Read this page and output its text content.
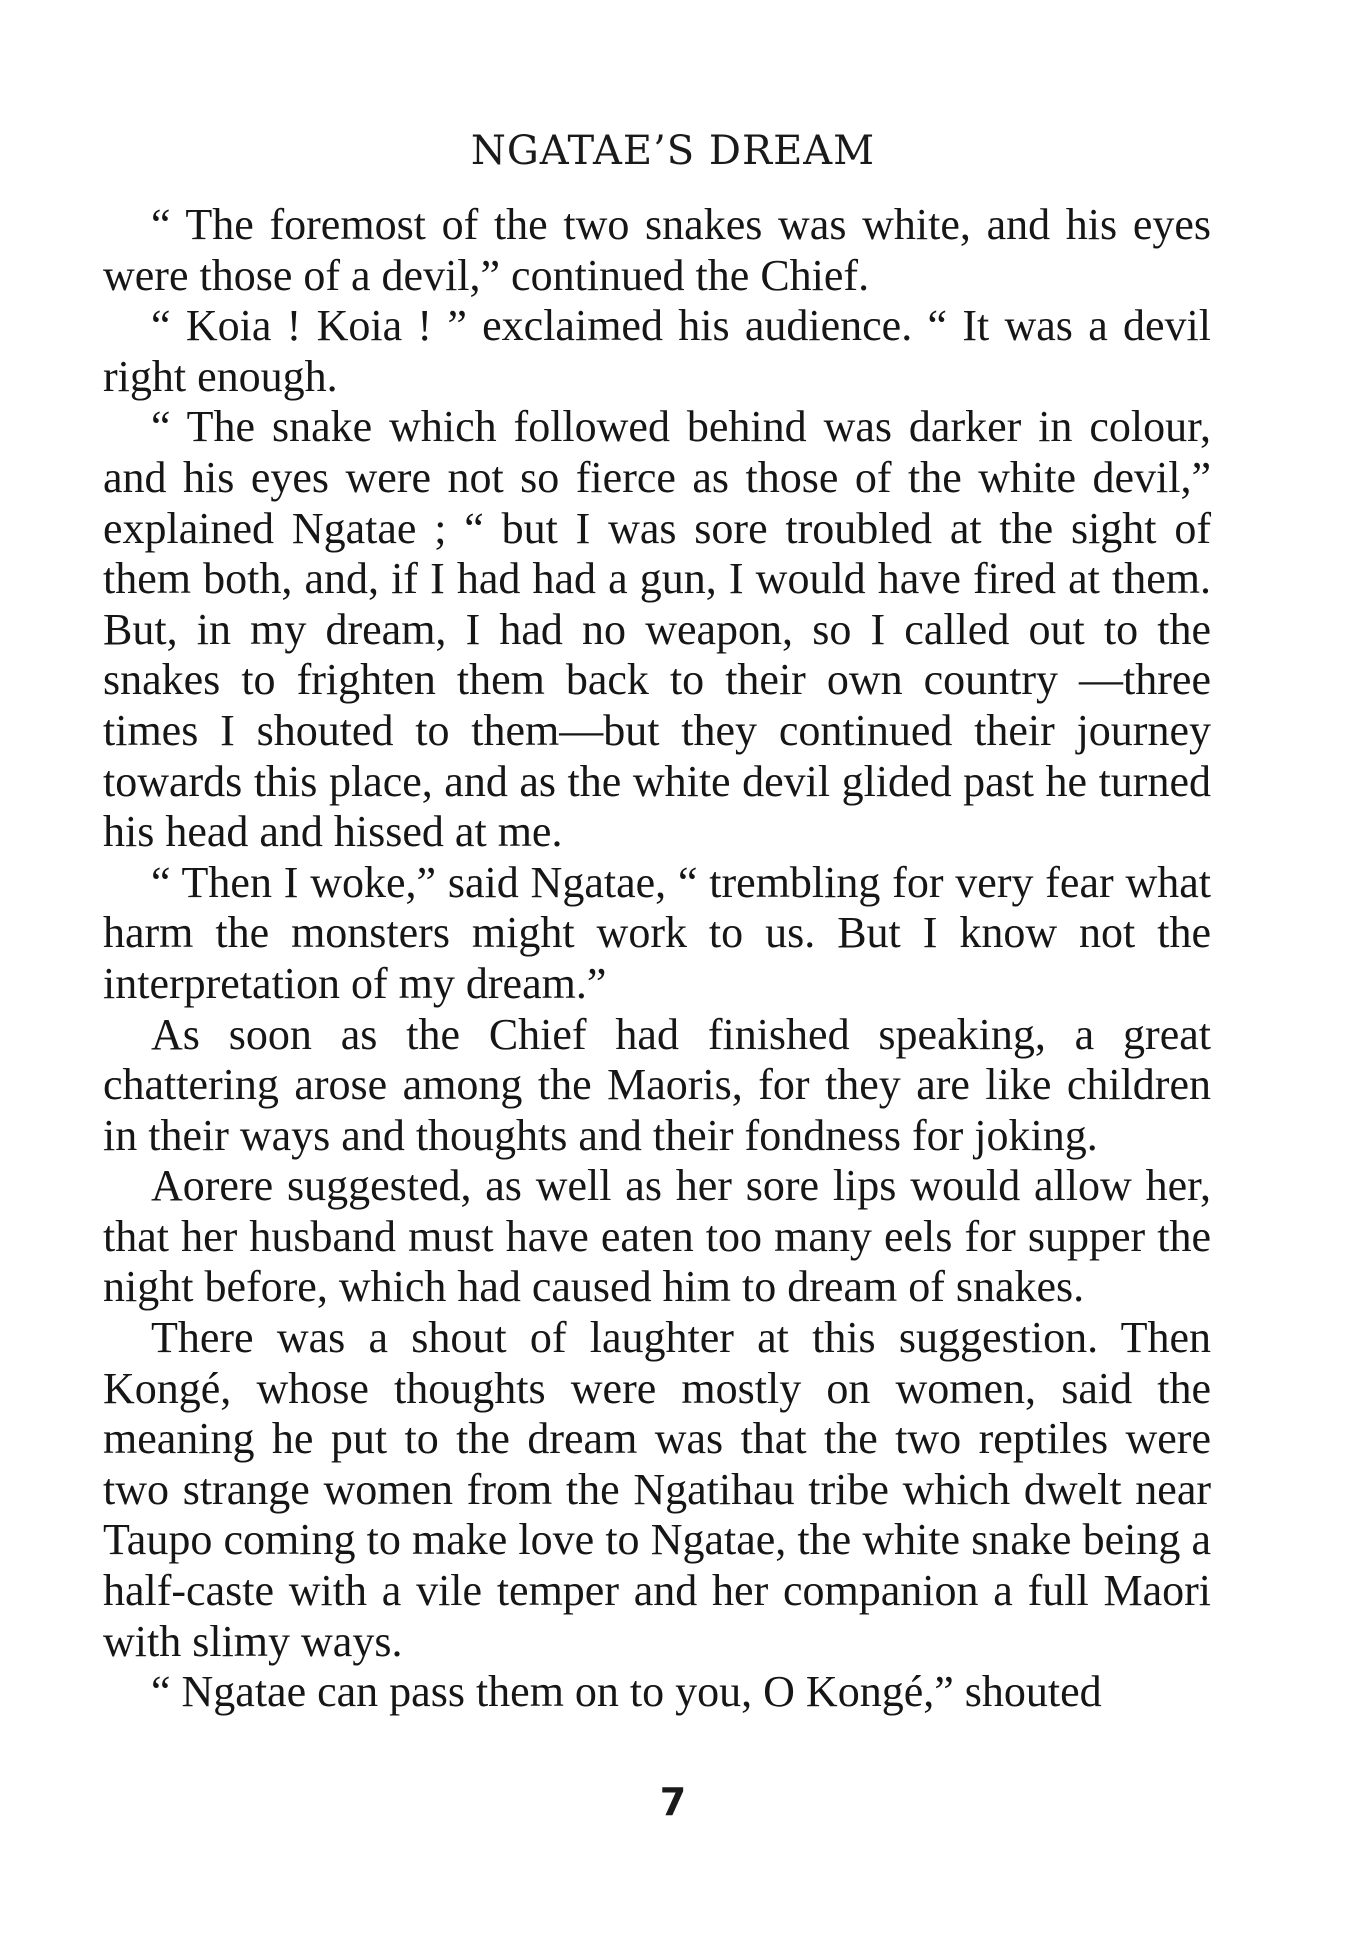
NGATAE’S DREAM

“ The foremost of the two snakes was white, and his eyes were those of a devil,” continued the Chief.

“ Koia ! Koia ! ” exclaimed his audience. “ It was a devil right enough.

“ The snake which followed behind was darker in colour, and his eyes were not so fierce as those of the white devil,” explained Ngatae ; “ but I was sore troubled at the sight of them both, and, if I had had a gun, I would have fired at them. But, in my dream, I had no weapon, so I called out to the snakes to frighten them back to their own country —three times I shouted to them—but they continued their journey towards this place, and as the white devil glided past he turned his head and hissed at me.

“ Then I woke,” said Ngatae, “ trembling for very fear what harm the monsters might work to us. But I know not the interpretation of my dream.”

As soon as the Chief had finished speaking, a great chattering arose among the Maoris, for they are like children in their ways and thoughts and their fondness for joking.

Aorere suggested, as well as her sore lips would allow her, that her husband must have eaten too many eels for supper the night before, which had caused him to dream of snakes.

There was a shout of laughter at this suggestion. Then Kongé, whose thoughts were mostly on women, said the meaning he put to the dream was that the two reptiles were two strange women from the Ngatihau tribe which dwelt near Taupo coming to make love to Ngatae, the white snake being a half-caste with a vile temper and her companion a full Maori with slimy ways.

“ Ngatae can pass them on to you, O Kongé,” shouted

7
